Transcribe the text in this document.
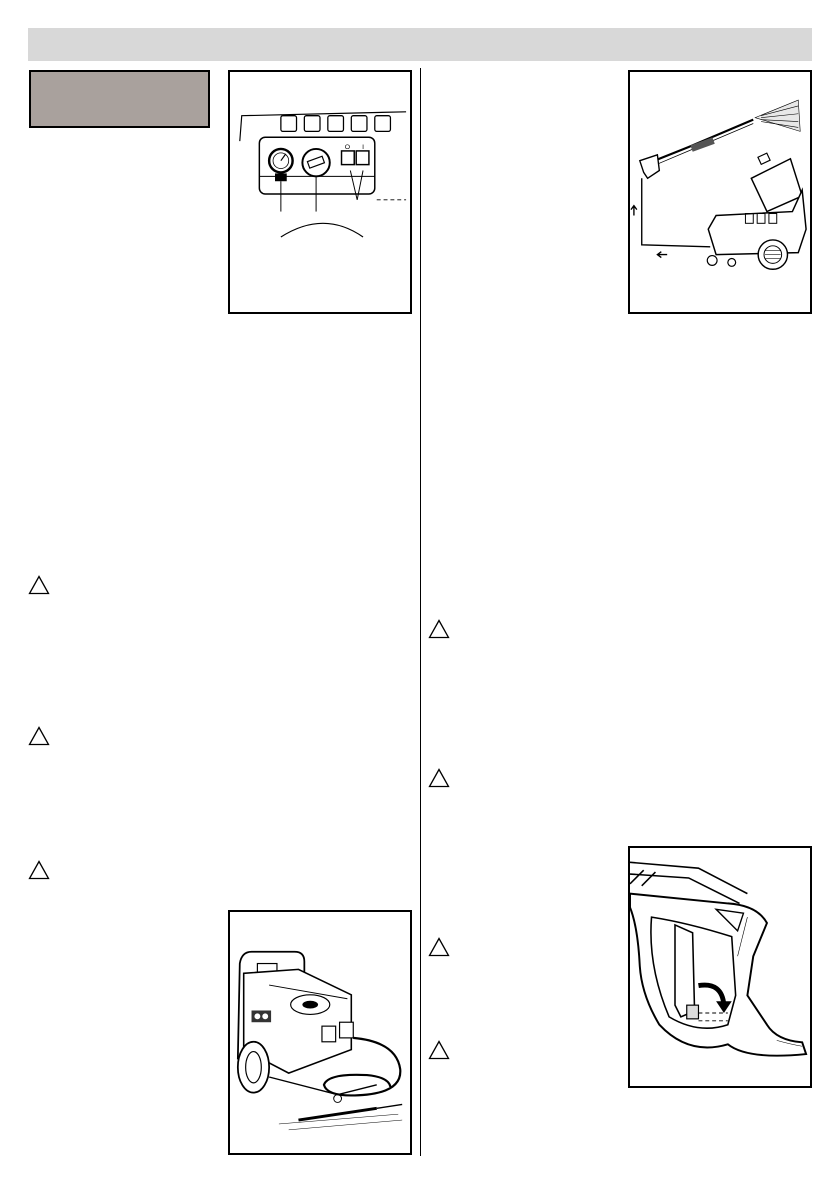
O I
